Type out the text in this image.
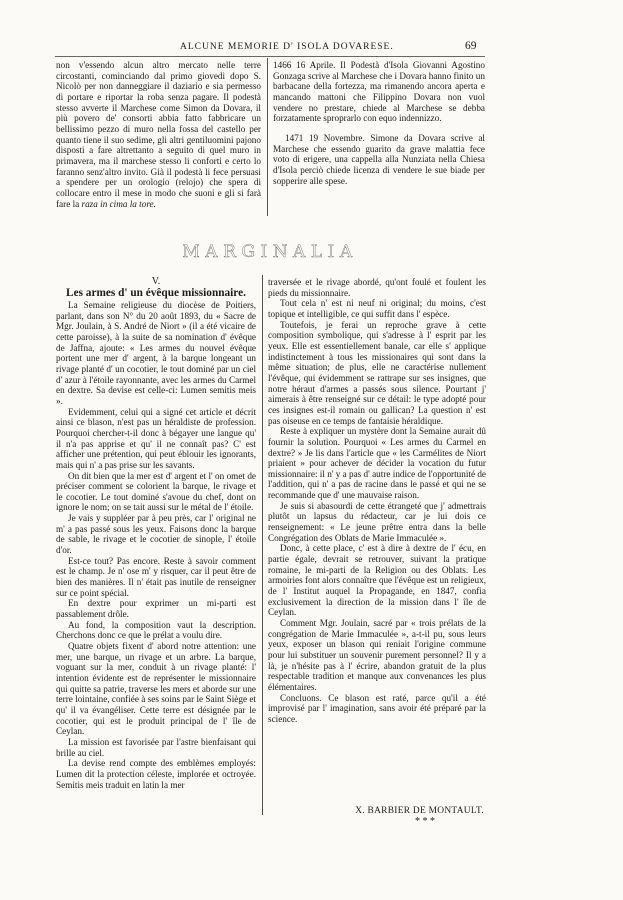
ALCUNE MEMORIE D' ISOLA DOVARESE.	69

non v'essendo alcun altro mercato nelle terre circostanti, cominciando dal primo giovedì dopo S. Nicolò per non danneggiare il daziario e sia permesso di portare e riportar la roba senza pagare. Il podestà stesso avverte il Marchese come Simon da Dovara, il più povero de' consorti abbia fatto fabbricare un bellissimo pezzo di muro nella fossa del castello per quanto tiene il suo sedime, gli altri gentiluomini pajono disposti a fare altrettanto a seguito di quel muro in primavera, ma il marchese stesso li conforti e certo lo faranno senz'altro invito. Già il podestà li fece persuasi a spendere per un orologio (relojo) che spera di collocare entro il mese in modo che suoni e gli si farà fare la raza in cima la tore.

1466 16 Aprile. Il Podestà d'Isola Giovanni Agostino Gonzaga scrive al Marchese che i Dovara hanno finito un barbacane della fortezza, ma rimanendo ancora aperta e mancando mattoni che Filippino Dovara non vuol vendere no prestare, chiede al Marchese se debba forzatamente sproprarlo con equo indennizzo.

1471 19 Novembre. Simone da Dovara scrive al Marchese che essendo guarito da grave malattia fece voto di erigere, una cappella alla Nunziata nella Chiesa d'Isola perciò chiede licenza di vendere le sue biade per sopperire alle spese.

MARGINALIA
V.
Les armes d' un évêque missionnaire.

La Semaine religieuse du diocèse de Poitiers, parlant, dans son N° du 20 août 1893, du « Sacre de Mgr. Joulain, à S. André de Niort » (il a été vicaire de cette paroisse), à la suite de sa nomination d' évêque de Jaffna, ajoute: « Les armes du nouvel évêque portent une mer d' argent, à la barque longeant un rivage planté d' un cocotier, le tout dominé par un ciel d' azur à l'étoile rayonnante, avec les armes du Carmel en dextre. Sa devise est celle-ci: Lumen semitis meis ».

Evidemment, celui qui a signé cet article et décrit ainsi ce blason, n'est pas un héraldiste de profession. Pourquoi chercher-t-il donc à bégayer une langue qu' il n'a pas apprise et qu' il ne connaît pas? C' est afficher une prétention, qui peut éblouir les ignorants, mais qui n' a pas prise sur les savants.

On dit bien que la mer est d' argent et l' on omet de préciser comment se colorient la barque, le rivage et le cocotier. Le tout dominé s'avoue du chef, dont on ignore le nom; on se tait aussi sur le métal de l' étoile.

Je vais y suppléer par à peu près, car l' original ne m' a pas passé sous les yeux. Faisons donc la barque de sable, le rivage et le cocotier de sinople, l' étoile d'or.

Est-ce tout? Pas encore. Reste à savoir comment est le champ. Je n' ose m' y risquer, car il peut être de bien des manières. Il n' était pas inutile de renseigner sur ce point spécial.

En dextre pour exprimer un mi-parti est passablement drôle.

Au fond, la composition vaut la description. Cherchons donc ce que le prélat a voulu dire.

Quatre objets fixent d' abord notre attention: une mer, une barque, un rivage et un arbre. La barque, voguant sur la mer, conduit à un rivage planté: l' intention évidente est de représenter le missionnaire qui quitte sa patrie, traverse les mers et aborde sur une terre lointaine, confiée à ses soins par le Saint Siège et qu' il va évangéliser. Cette terre est désignée par le cocotier, qui est le produit principal de l' île de Ceylan.

La mission est favorisée par l'astre bienfaisant qui brille au ciel.

La devise rend compte des emblèmes employés: Lumen dit la protection céleste, implorée et octroyée. Semitis meis traduit en latin la mer

traversée et le rivage abordé, qu'ont foulé et foulent les pieds du missionnaire.

Tout cela n' est ni neuf ni original; du moins, c'est topique et intelligible, ce qui suffit dans l' espèce.

Toutefois, je ferai un reproche grave à cette composition symbolique, qui s'adresse à l' esprit par les yeux. Elle est essentiellement banale, car elle s' applique indistinctement à tous les missionaires qui sont dans la même situation; de plus, elle ne caractérise nullement l'évêque, qui évidemment se rattrape sur ses insignes, que notre héraut d'armes a passés sous silence. Pourtant j' aimerais à être renseigné sur ce détail: le type adopté pour ces insignes est-il romain ou gallican? La question n' est pas oiseuse en ce temps de fantaisie héraldique.

Reste à expliquer un mystère dont la Semaine aurait dû fournir la solution. Pourquoi « Les armes du Carmel en dextre? » Je lis dans l'article que « les Carmélites de Niort priaient » pour achever de décider la vocation du futur missionnaire: il n' y a pas d' autre indice de l'opportunité de l'addition, qui n' a pas de racine dans le passé et qui ne se recommande que d' une mauvaise raison.

Je suis si abasourdi de cette étrangeté que j' admettrais plutôt un lapsus du rédacteur, car je lui dois ce renseignement: « Le jeune prêtre entra dans la belle Congrégation des Oblats de Marie Immaculée ».

Donc, à cette place, c' est à dire à dextre de l' écu, en partie égale, devrait se retrouver, suivant la pratique romaine, le mi-parti de la Religion ou des Oblats. Les armoiries font alors connaître que l'évêque est un religieux, de l' Institut auquel la Propagande, en 1847, confia exclusivement la direction de la mission dans l' île de Ceylan.

Comment Mgr. Joulain, sacré par « trois prélats de la congrégation de Marie Immaculée », a-t-il pu, sous leurs yeux, exposer un blason qui reniait l'origine commune pour lui substituer un souvenir purement personnel? Il y a là, je n'hésite pas à l' écrire, abandon gratuit de la plus respectable tradition et manque aux convenances les plus élémentaires.

Concluons. Ce blason est raté, parce qu'il a été improvisé par l' imagination, sans avoir été préparé par la science.

X. BARBIER DE MONTAULT.
* * *
